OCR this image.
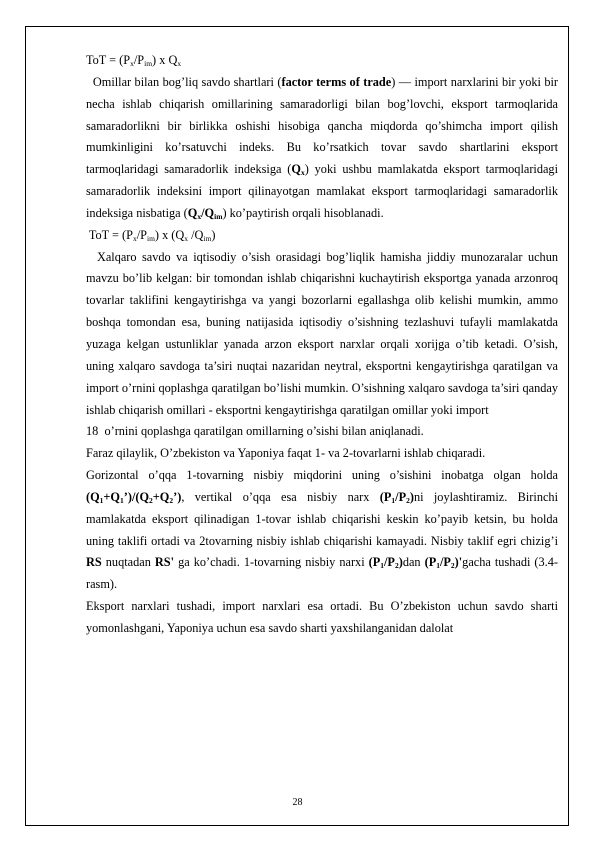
ToT = $(P_x/P_{im})$ x $Q_x$

Omillar bilan bog’liq savdo shartlari (factor terms of trade) — import narxlarini bir yoki bir necha ishlab chiqarish omillarining samaradorligi bilan bog’lovchi, eksport tarmoqlarida samaradorlikni bir birlikka oshishi hisobiga qancha miqdorda qo’shimcha import qilish mumkinligini ko’rsatuvchi indeks. Bu ko’rsatkich tovar savdo shartlarini eksport tarmoqlaridagi samaradorlik indeksiga $(Q_x)$ yoki ushbu mamlakatda eksport tarmoqlaridagi samaradorlik indeksini import qilinayotgan mamlakat eksport tarmoqlaridagi samaradorlik indeksiga nisbatiga $(Q_x/Q_{im})$ ko’paytirish orqali hisoblanadi.

ToT = $(P_x/P_{im})$ x ($Q_x$ $/Q_{im}$)

Xalqaro savdo va iqtisodiy o’sish orasidagi bog’liqlik hamisha jiddiy munozaralar uchun mavzu bo’lib kelgan: bir tomondan ishlab chiqarishni kuchaytirish eksportga yanada arzonroq tovarlar taklifini kengaytirishga va yangi bozorlarni egallashga olib kelishi mumkin, ammo boshqa tomondan esa, buning natijasida iqtisodiy o’sishning tezlashuvi tufayli mamlakatda yuzaga kelgan ustunliklar yanada arzon eksport narxlar orqali xorijga o’tib ketadi. O’sish, uning xalqaro savdoga ta’siri nuqtai nazaridan neytral, eksportni kengaytirishga qaratilgan va import o’rnini qoplashga qaratilgan bo’lishi mumkin. O’sishning xalqaro savdoga ta’siri qanday ishlab chiqarish omillari - eksportni kengaytirishga qaratilgan omillar yoki import

18  o’rnini qoplashga qaratilgan omillarning o’sishi bilan aniqlanadi.

Faraz qilaylik, O’zbekiston va Yaponiya faqat 1- va 2-tovarlarni ishlab chiqaradi.

Gorizontal o’qqa 1-tovarning nisbiy miqdorini uning o’sishini inobatga olgan holda $(Q_1+Q_1’)/(Q_2+Q_2’)$, vertikal o’qqa esa nisbiy narx $(P_1/P_2)ni$ joylashtiramiz. Birinchi mamlakatda eksport qilinadigan 1-tovar ishlab chiqarishi keskin ko’payib ketsin, bu holda uning taklifi ortadi va 2tovarning nisbiy ishlab chiqarishi kamayadi. Nisbiy taklif egri chizig’i RS nuqtadan RS' ga ko’chadi. 1-tovarning nisbiy narxi $(P_1/P_2)dan$ $(P_1/P_2)'gacha$ tushadi (3.4-rasm).

Eksport narxlari tushadi, import narxlari esa ortadi. Bu O’zbekiston uchun savdo sharti yomonlashgani, Yaponiya uchun esa savdo sharti yaxshilanganidan dalolat

28
